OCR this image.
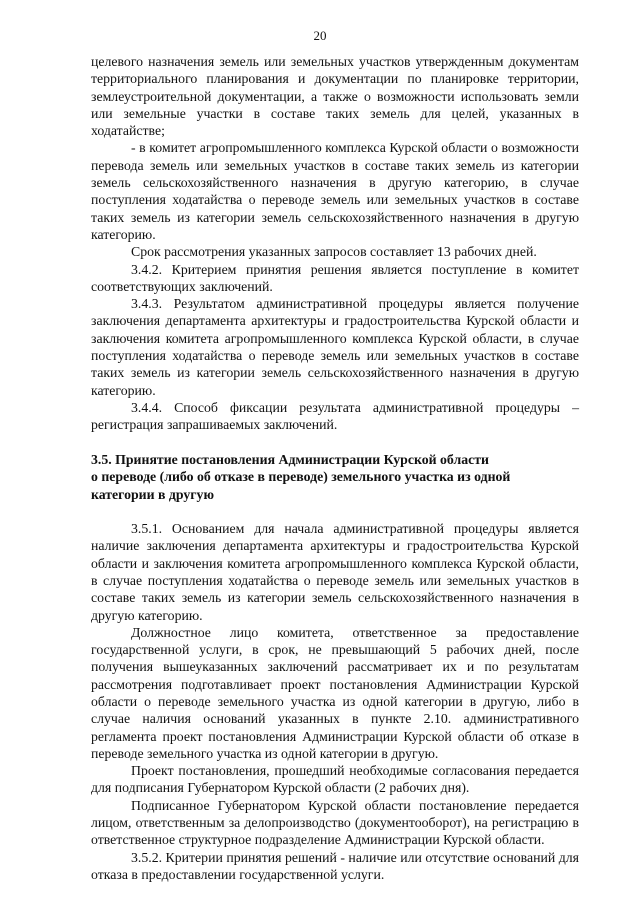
20

целевого назначения земель или земельных участков утвержденным документам территориального планирования и документации по планировке территории, землеустроительной документации, а также о возможности использовать земли или земельные участки в составе таких земель для целей, указанных в ходатайстве;

- в комитет агропромышленного комплекса Курской области о возможности перевода земель или земельных участков в составе таких земель из категории земель сельскохозяйственного назначения в другую категорию, в случае поступления ходатайства о переводе земель или земельных участков в составе таких земель из категории земель сельскохозяйственного назначения в другую категорию.

Срок рассмотрения указанных запросов составляет 13 рабочих дней.

3.4.2. Критерием принятия решения является поступление в комитет соответствующих заключений.

3.4.3. Результатом административной процедуры является получение заключения департамента архитектуры и градостроительства Курской области и заключения комитета агропромышленного комплекса Курской области, в случае поступления ходатайства о переводе земель или земельных участков в составе таких земель из категории земель сельскохозяйственного назначения в другую категорию.

3.4.4. Способ фиксации результата административной процедуры – регистрация запрашиваемых заключений.

3.5. Принятие постановления Администрации Курской области

о переводе (либо об отказе в переводе) земельного участка из одной

категории в другую

3.5.1. Основанием для начала административной процедуры является наличие заключения департамента архитектуры и градостроительства Курской области и заключения комитета агропромышленного комплекса Курской области, в случае поступления ходатайства о переводе земель или земельных участков в составе таких земель из категории земель сельскохозяйственного назначения в другую категорию.

Должностное лицо комитета, ответственное за предоставление государственной услуги, в срок, не превышающий 5 рабочих дней, после получения вышеуказанных заключений рассматривает их и по результатам рассмотрения подготавливает проект постановления Администрации Курской области о переводе земельного участка из одной категории в другую, либо в случае наличия оснований указанных в пункте 2.10. административного регламента проект постановления Администрации Курской области об отказе в переводе земельного участка из одной категории в другую.

Проект постановления, прошедший необходимые согласования передается для подписания Губернатором Курской области (2 рабочих дня).

Подписанное Губернатором Курской области постановление передается лицом, ответственным за делопроизводство (документооборот), на регистрацию в ответственное структурное подразделение Администрации Курской области.

3.5.2. Критерии принятия решений - наличие или отсутствие оснований для отказа в предоставлении государственной услуги.
